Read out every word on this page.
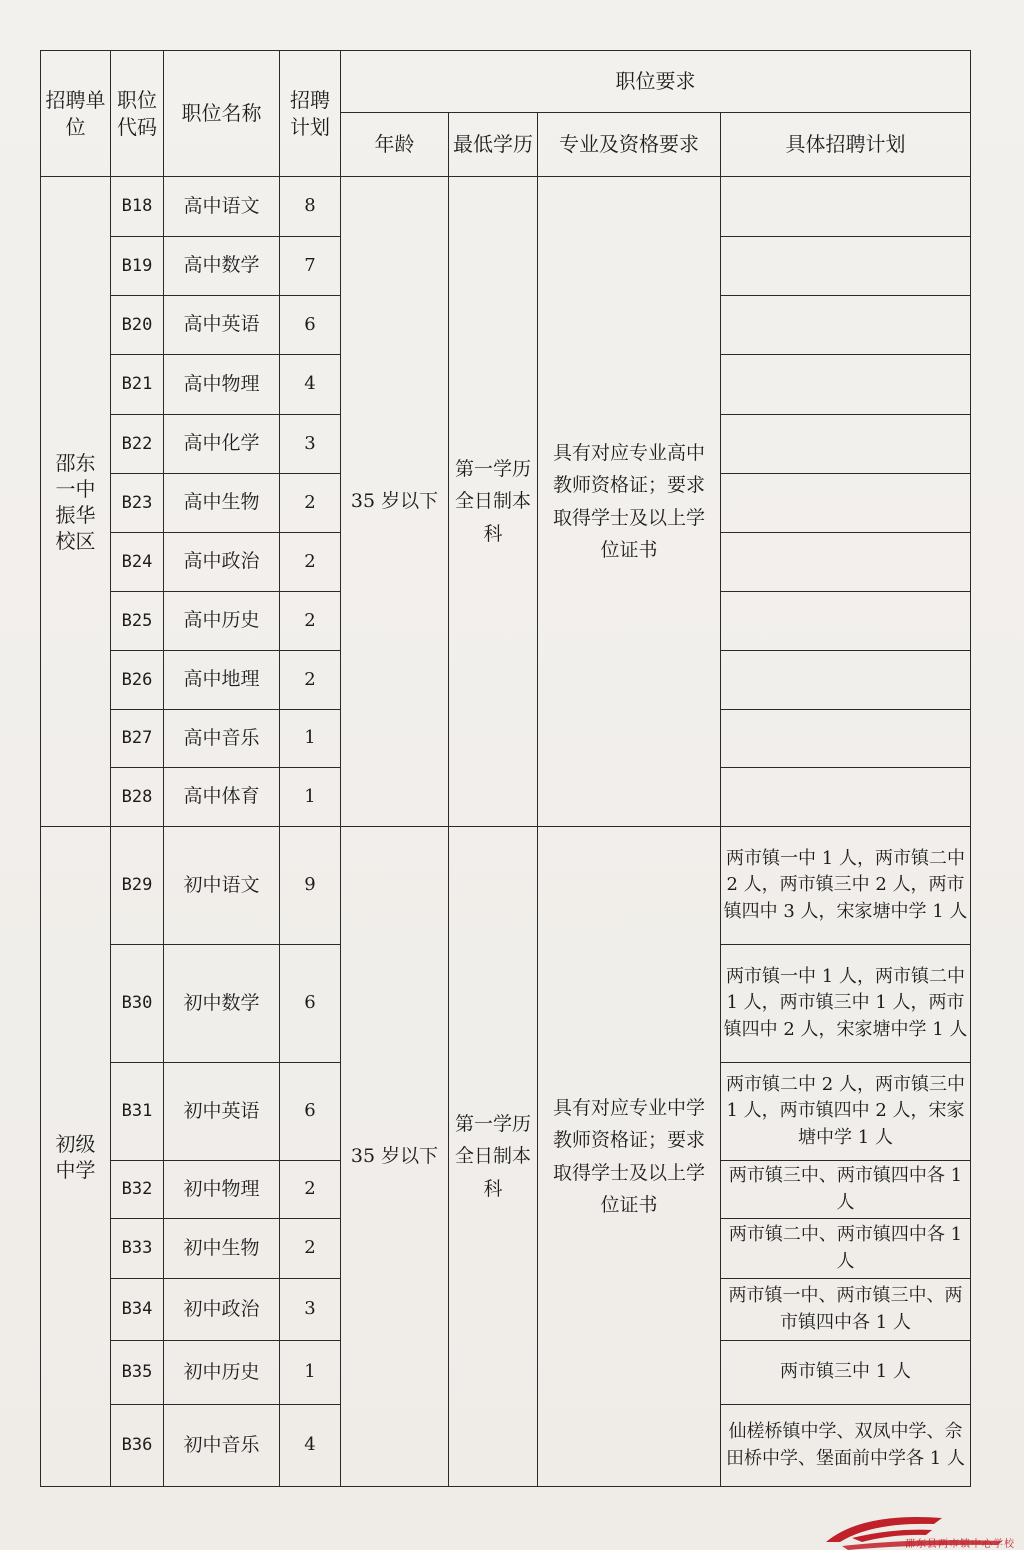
招聘单位	职位代码	职位名称	招聘计划	职位要求			
				年龄	最低学历	专业及资格要求	具体招聘计划
邵东一中振华校区	B18	高中语文	8	35 岁以下	第一学历全日制本科	具有对应专业高中教师资格证；要求取得学士及以上学位证书	
	B19	高中数学	7				
	B20	高中英语	6				
	B21	高中物理	4				
	B22	高中化学	3				
	B23	高中生物	2				
	B24	高中政治	2				
	B25	高中历史	2				
	B26	高中地理	2				
	B27	高中音乐	1				
	B28	高中体育	1				
初级中学	B29	初中语文	9	35 岁以下	第一学历全日制本科	具有对应专业中学教师资格证；要求取得学士及以上学位证书	两市镇一中 1 人，两市镇二中 2 人，两市镇三中 2 人，两市镇四中 3 人，宋家塘中学 1 人
	B30	初中数学	6				两市镇一中 1 人，两市镇二中 1 人，两市镇三中 1 人，两市镇四中 2 人，宋家塘中学 1 人
	B31	初中英语	6				两市镇二中 2 人，两市镇三中 1 人，两市镇四中 2 人，宋家塘中学 1 人
	B32	初中物理	2				两市镇三中、两市镇四中各 1 人
	B33	初中生物	2				两市镇二中、两市镇四中各 1 人
	B34	初中政治	3				两市镇一中、两市镇三中、两市镇四中各 1 人
	B35	初中历史	1				两市镇三中 1 人
	B36	初中音乐	4				仙槎桥镇中学、双凤中学、佘田桥中学、堡面前中学各 1 人
邵东县两市镇中心学校
